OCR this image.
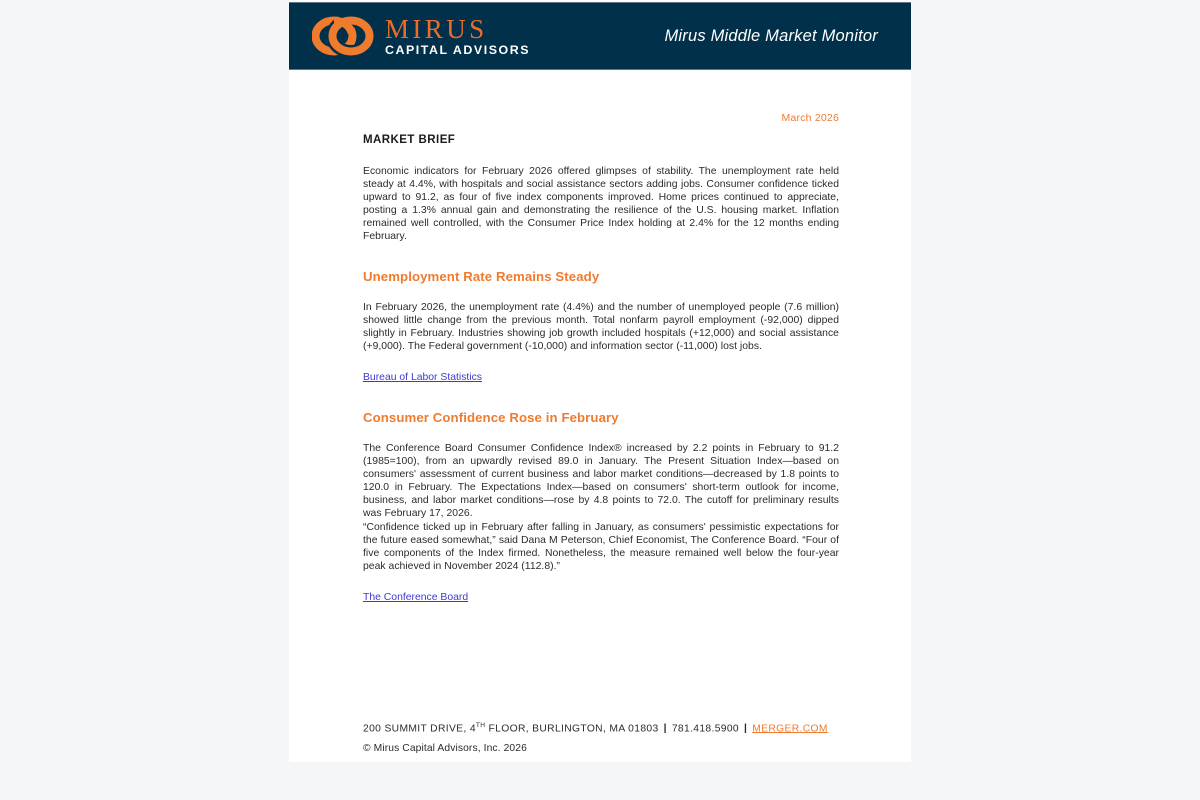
MIRUS
CAPITAL ADVISORS
Mirus Middle Market Monitor
March 2026
MARKET BRIEF

Economic indicators for February 2026 offered glimpses of stability. The unemployment rate held steady at 4.4%, with hospitals and social assistance sectors adding jobs. Consumer confidence ticked upward to 91.2, as four of five index components improved. Home prices continued to appreciate, posting a 1.3% annual gain and demonstrating the resilience of the U.S. housing market. Inflation remained well controlled, with the Consumer Price Index holding at 2.4% for the 12 months ending February.

Unemployment Rate Remains Steady

In February 2026, the unemployment rate (4.4%) and the number of unemployed people (7.6 million) showed little change from the previous month. Total nonfarm payroll employment (-92,000) dipped slightly in February. Industries showing job growth included hospitals (+12,000) and social assistance (+9,000). The Federal government (-10,000) and information sector (-11,000) lost jobs.

Bureau of Labor Statistics
Consumer Confidence Rose in February

The Conference Board Consumer Confidence Index® increased by 2.2 points in February to 91.2 (1985=100), from an upwardly revised 89.0 in January. The Present Situation Index—based on consumers' assessment of current business and labor market conditions—decreased by 1.8 points to 120.0 in February. The Expectations Index—based on consumers' short-term outlook for income, business, and labor market conditions—rose by 4.8 points to 72.0. The cutoff for preliminary results was February 17, 2026.

“Confidence ticked up in February after falling in January, as consumers' pessimistic expectations for the future eased somewhat,” said Dana M Peterson, Chief Economist, The Conference Board. “Four of five components of the Index firmed. Nonetheless, the measure remained well below the four-year peak achieved in November 2024 (112.8).”

The Conference Board
200 SUMMIT DRIVE, 4TH FLOOR, BURLINGTON, MA 01803 | 781.418.5900 | MERGER.COM
© Mirus Capital Advisors, Inc. 2026
